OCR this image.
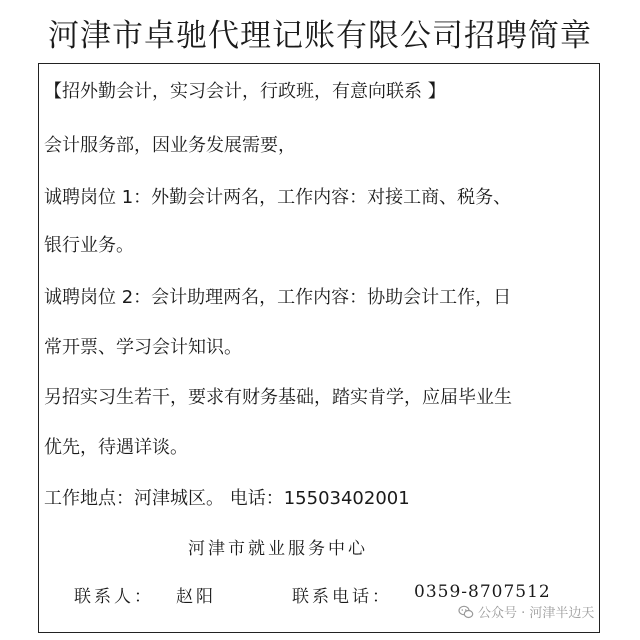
河津市卓驰代理记账有限公司招聘简章
【招外勤会计，实习会计，行政班，有意向联系 】
会计服务部，因业务发展需要，
诚聘岗位 1：外勤会计两名，工作内容：对接工商、税务、
银行业务。
诚聘岗位 2：会计助理两名，工作内容：协助会计工作，日
常开票、学习会计知识。
另招实习生若干，要求有财务基础，踏实肯学，应届毕业生
优先，待遇详谈。
工作地点：河津城区。 电话：15503402001
河津市就业服务中心
联系人： 赵阳	联系电话： 0359-8707512
公众号 · 河津半边天
